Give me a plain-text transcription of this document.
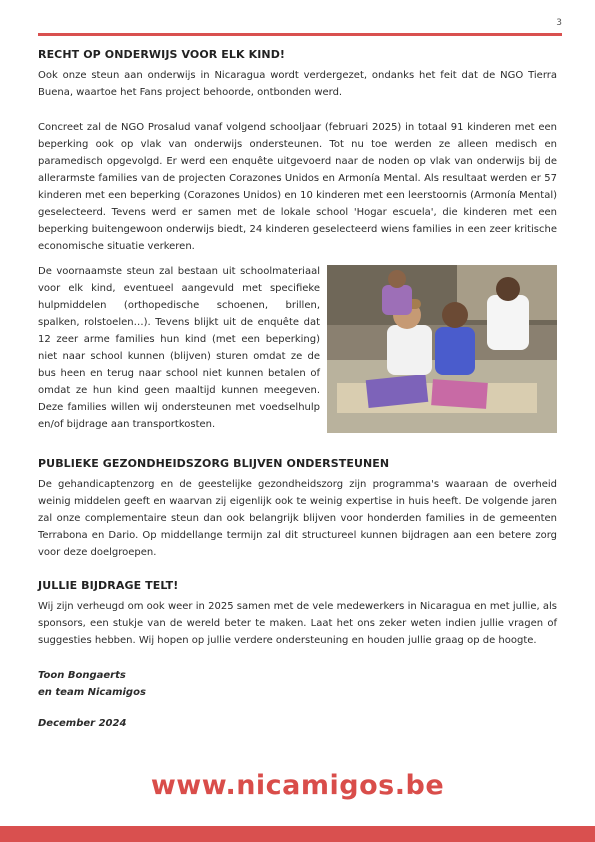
3
RECHT OP ONDERWIJS VOOR ELK KIND!

Ook onze steun aan onderwijs in Nicaragua wordt verdergezet, ondanks het feit dat de NGO Tierra Buena, waartoe het Fans project behoorde, ontbonden werd.

Concreet zal de NGO Prosalud vanaf volgend schooljaar (februari 2025) in totaal 91 kinderen met een beperking ook op vlak van onderwijs ondersteunen. Tot nu toe werden ze alleen medisch en paramedisch opgevolgd. Er werd een enquête uitgevoerd naar de noden op vlak van onderwijs bij de allerarmste families van de projecten Corazones Unidos en Armonía Mental. Als resultaat werden er 57 kinderen met een beperking (Corazones Unidos) en 10 kinderen met een leerstoornis (Armonía Mental) geselecteerd. Tevens werd er samen met de lokale school 'Hogar escuela', die kinderen met een beperking buitengewoon onderwijs biedt, 24 kinderen geselecteerd wiens families in een zeer kritische economische situatie verkeren.

De voornaamste steun zal bestaan uit schoolmateriaal voor elk kind, eventueel aangevuld met specifieke hulpmiddelen (orthopedische schoenen, brillen, spalken, rolstoelen…). Tevens blijkt uit de enquête dat 12 zeer arme families hun kind (met een beperking) niet naar school kunnen (blijven) sturen omdat ze de bus heen en terug naar school niet kunnen betalen of omdat ze hun kind geen maaltijd kunnen meegeven. Deze families willen wij ondersteunen met voedselhulp en/of bijdrage aan transportkosten.

PUBLIEKE GEZONDHEIDSZORG BLIJVEN ONDERSTEUNEN

De gehandicaptenzorg en de geestelijke gezondheidszorg zijn programma's waaraan de overheid weinig middelen geeft en waarvan zij eigenlijk ook te weinig expertise in huis heeft. De volgende jaren zal onze complementaire steun dan ook belangrijk blijven voor honderden families in de gemeenten Terrabona en Dario. Op middellange termijn zal dit structureel kunnen bijdragen aan een betere zorg voor deze doelgroepen.

JULLIE BIJDRAGE TELT!

Wij zijn verheugd om ook weer in 2025 samen met de vele medewerkers in Nicaragua en met jullie, als sponsors, een stukje van de wereld beter te maken. Laat het ons zeker weten indien jullie vragen of suggesties hebben. Wij hopen op jullie verdere ondersteuning en houden jullie graag op de hoogte.

Toon Bongaerts
en team Nicamigos
December 2024
www.nicamigos.be
